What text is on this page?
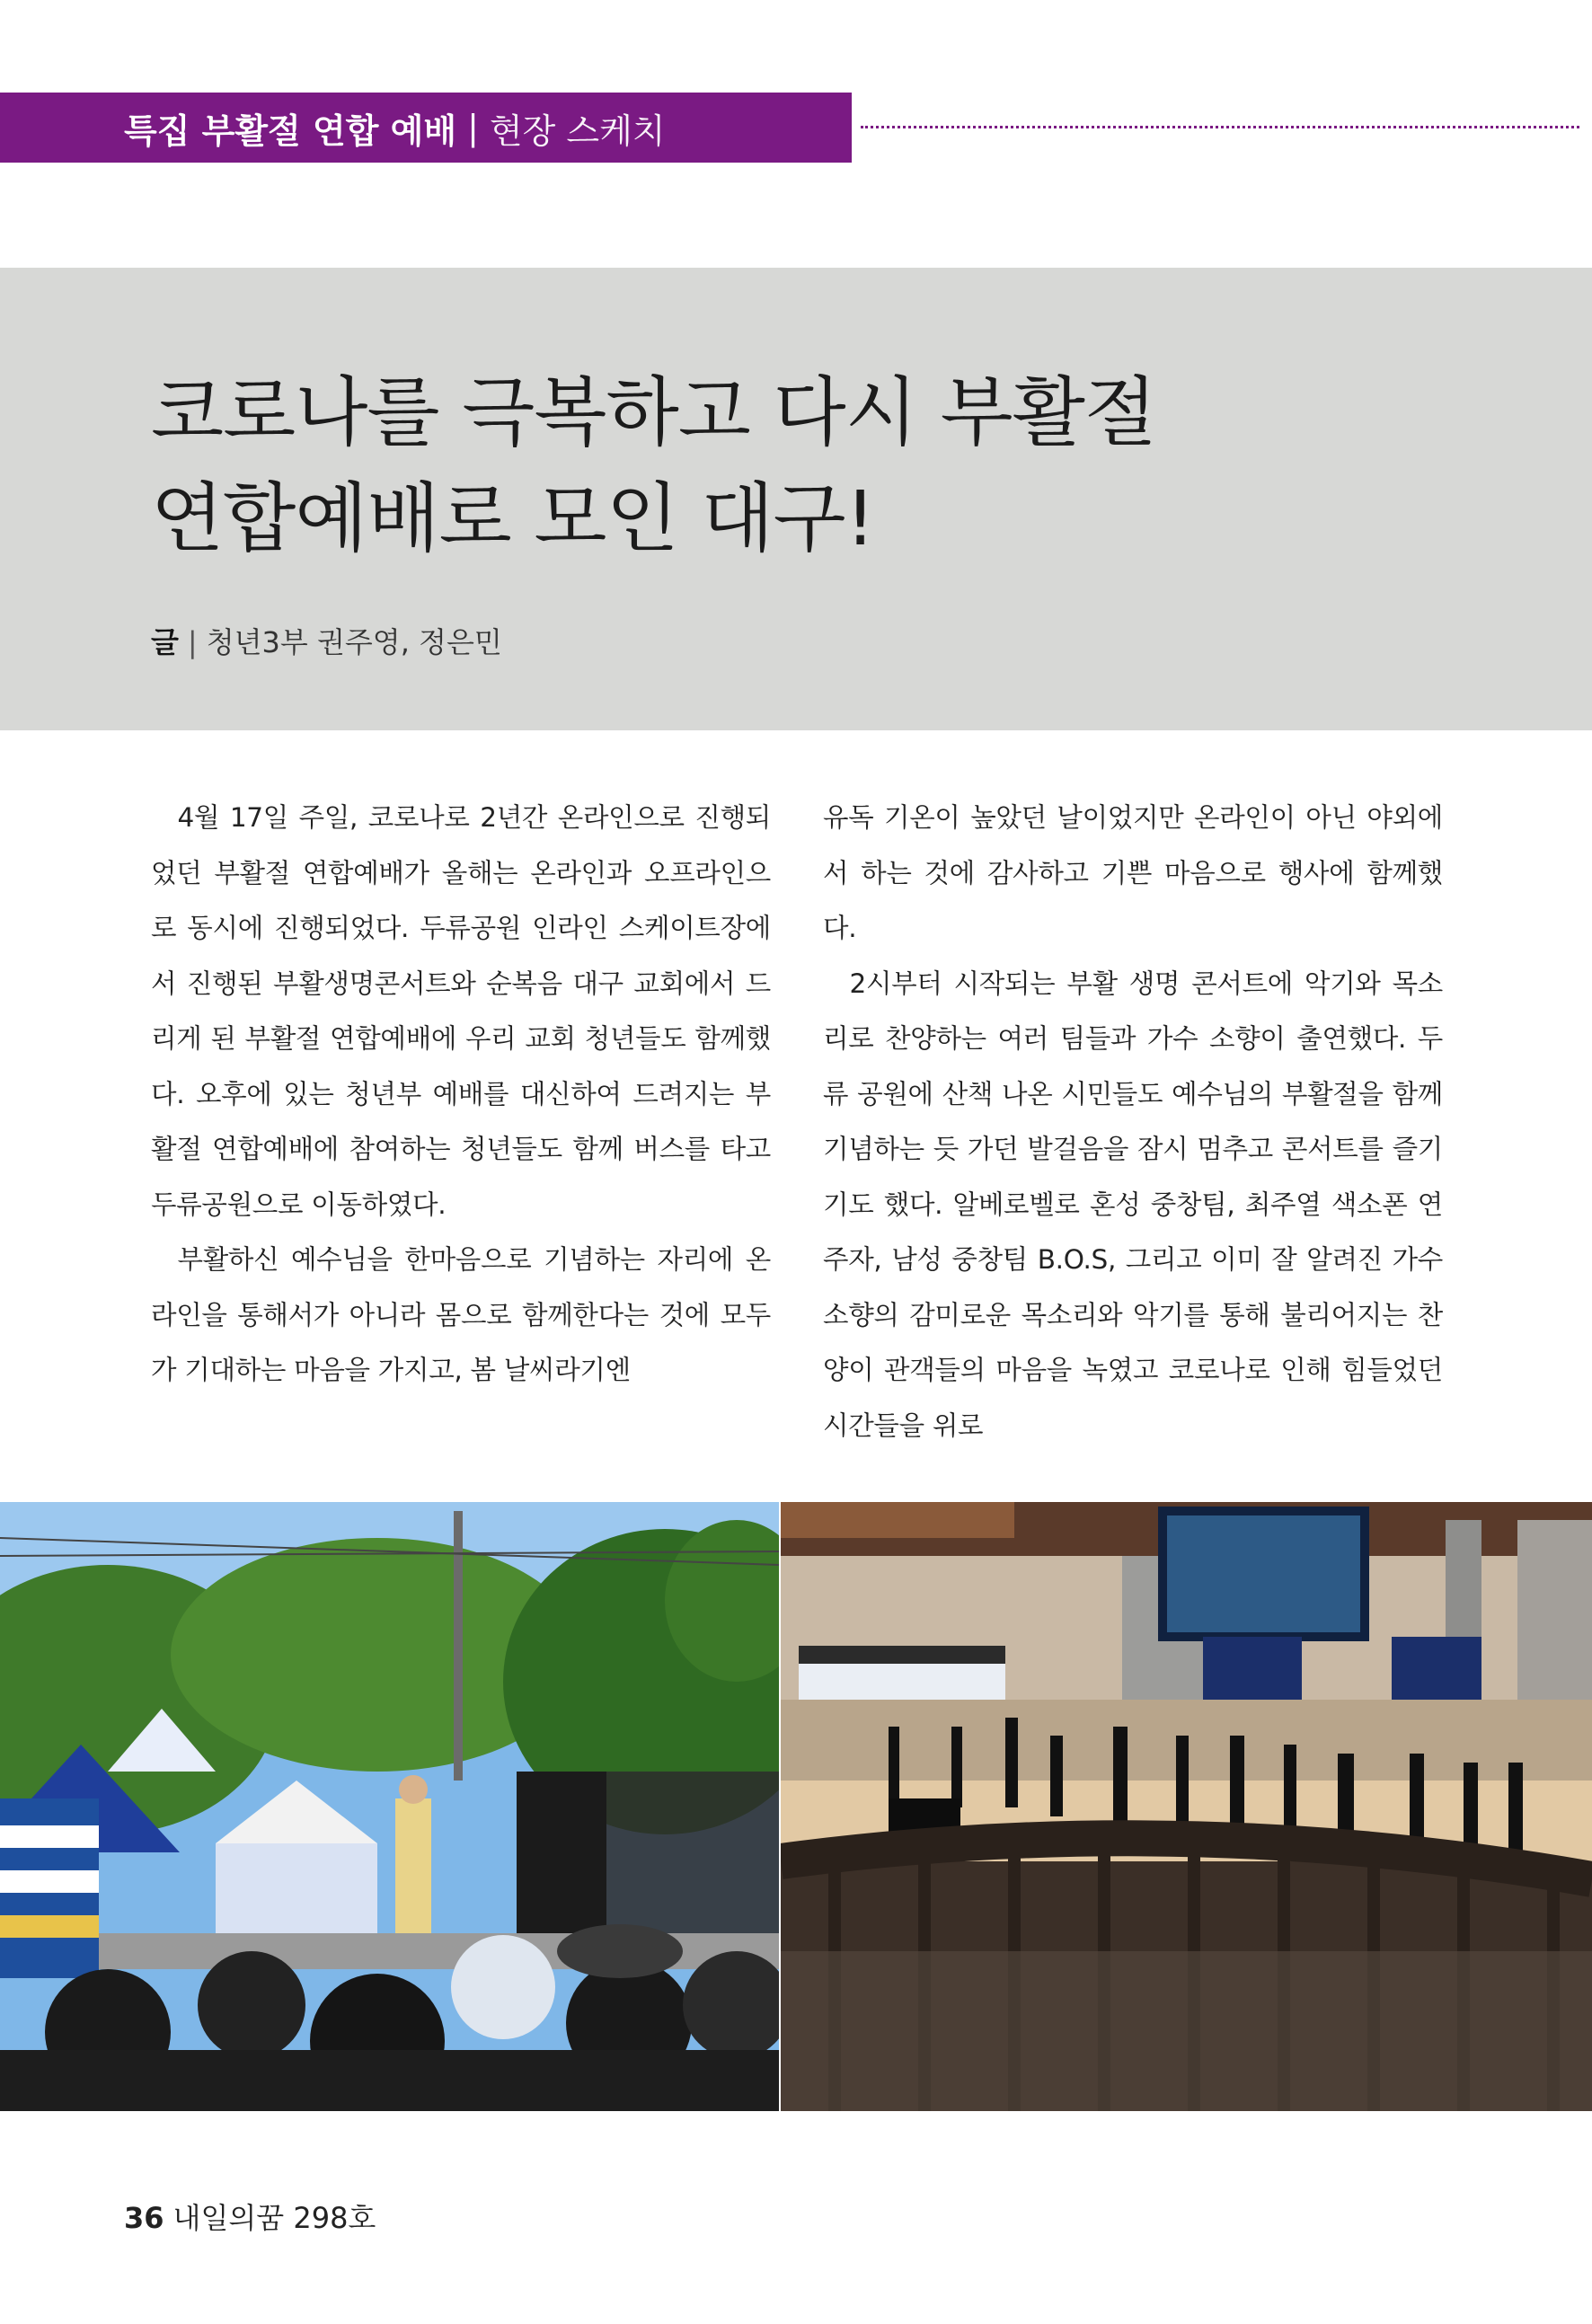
특집 부활절 연합 예배 | 현장 스케치
코로나를 극복하고 다시 부활절
연합예배로 모인 대구!
글 | 청년3부 권주영, 정은민

4월 17일 주일, 코로나로 2년간 온라인으로 진행되었던 부활절 연합예배가 올해는 온라인과 오프라인으로 동시에 진행되었다. 두류공원 인라인 스케이트장에서 진행된 부활생명콘서트와 순복음 대구 교회에서 드리게 된 부활절 연합예배에 우리 교회 청년들도 함께했다. 오후에 있는 청년부 예배를 대신하여 드려지는 부활절 연합예배에 참여하는 청년들도 함께 버스를 타고 두류공원으로 이동하였다.

부활하신 예수님을 한마음으로 기념하는 자리에 온라인을 통해서가 아니라 몸으로 함께한다는 것에 모두가 기대하는 마음을 가지고, 봄 날씨라기엔

유독 기온이 높았던 날이었지만 온라인이 아닌 야외에서 하는 것에 감사하고 기쁜 마음으로 행사에 함께했다.

2시부터 시작되는 부활 생명 콘서트에 악기와 목소리로 찬양하는 여러 팀들과 가수 소향이 출연했다. 두류 공원에 산책 나온 시민들도 예수님의 부활절을 함께 기념하는 듯 가던 발걸음을 잠시 멈추고 콘서트를 즐기기도 했다. 알베로벨로 혼성 중창팀, 최주열 색소폰 연주자, 남성 중창팀 B.O.S, 그리고 이미 잘 알려진 가수 소향의 감미로운 목소리와 악기를 통해 불리어지는 찬양이 관객들의 마음을 녹였고 코로나로 인해 힘들었던 시간들을 위로

36 내일의꿈 298호
